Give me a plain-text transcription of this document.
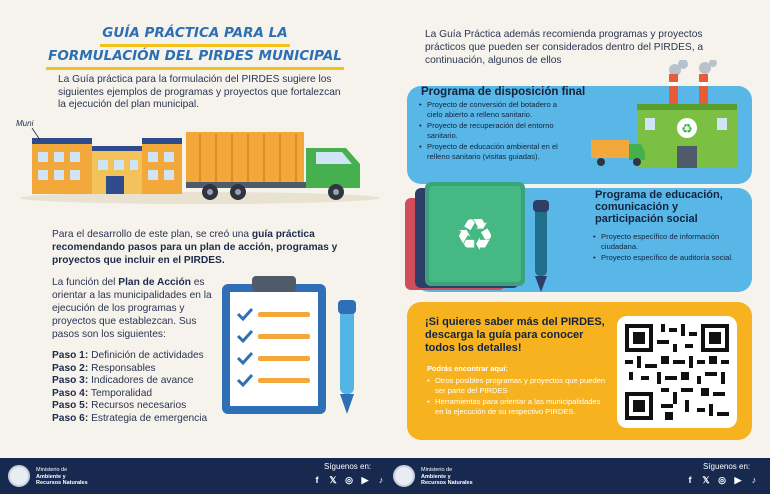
GUÍA PRÁCTICA PARA LA
FORMULACIÓN DEL PIRDES MUNICIPAL
La Guía práctica para la formulación del PIRDES sugiere los siguientes ejemplos de programas y proyectos que fortalezcan la ejecución del plan municipal.
Muni
Para el desarrollo de este plan, se creó una guía práctica recomendando pasos para un plan de acción, programas y proyectos que incluir en el PIRDES.
La función del Plan de Acción es orientar a las municipalidades en la ejecución de los programas y proyectos que establezcan. Sus pasos son los siguientes:
Paso 1: Definición de actividades
Paso 2: Responsables
Paso 3: Indicadores de avance
Paso 4: Temporalidad
Paso 5: Recursos necesarios
Paso 6: Estrategia de emergencia
La Guía Práctica además recomienda programas y proyectos prácticos que pueden ser considerados dentro del PIRDES, a continuación, algunos de ellos
Programa de disposición final
• Proyecto de conversión del botadero a cielo abierto a relleno sanitario.
• Proyecto de recuperación del entorno sanitario.
• Proyecto de educación ambiental en el relleno sanitario (visitas guiadas).
♻
♻
Programa de educación,
comunicación y
participación social
• Proyecto específico de información ciudadana.
• Proyecto específico de auditoría social.
¡Si quieres saber más del PIRDES, descarga la guía para conocer todos los detalles!
Podrás encontrar aquí:
• Otros posibles programas y proyectos que pueden ser parte del PIRDES
• Herramientas para orientar a las municipalidades en la ejecución de su respectivo PIRDES.
Ministerio de
Ambiente y
Recursos Naturales
Síguenos en:
f	𝕏 ◎ ▶	♪
Ministerio de
Ambiente y
Recursos Naturales
Síguenos en:
f	𝕏 ◎ ▶	♪
